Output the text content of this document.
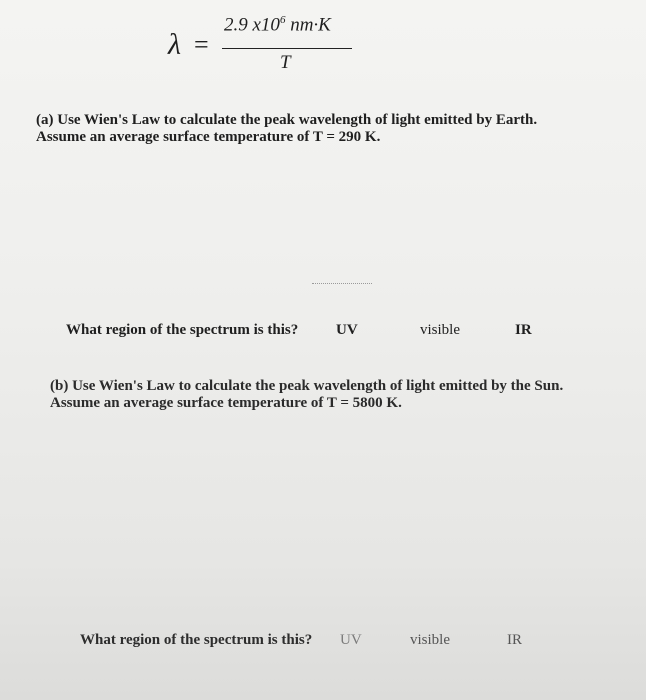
λ =
2.9 $x10^6$ nm·K
T
(a) Use Wien's Law to calculate the peak wavelength of light emitted by Earth. Assume an average surface temperature of T = 290 K.
What region of the spectrum is this?	UV	visible	IR
(b) Use Wien's Law to calculate the peak wavelength of light emitted by the Sun. Assume an average surface temperature of T = 5800 K.
What region of the spectrum is this? UV	visible	IR
